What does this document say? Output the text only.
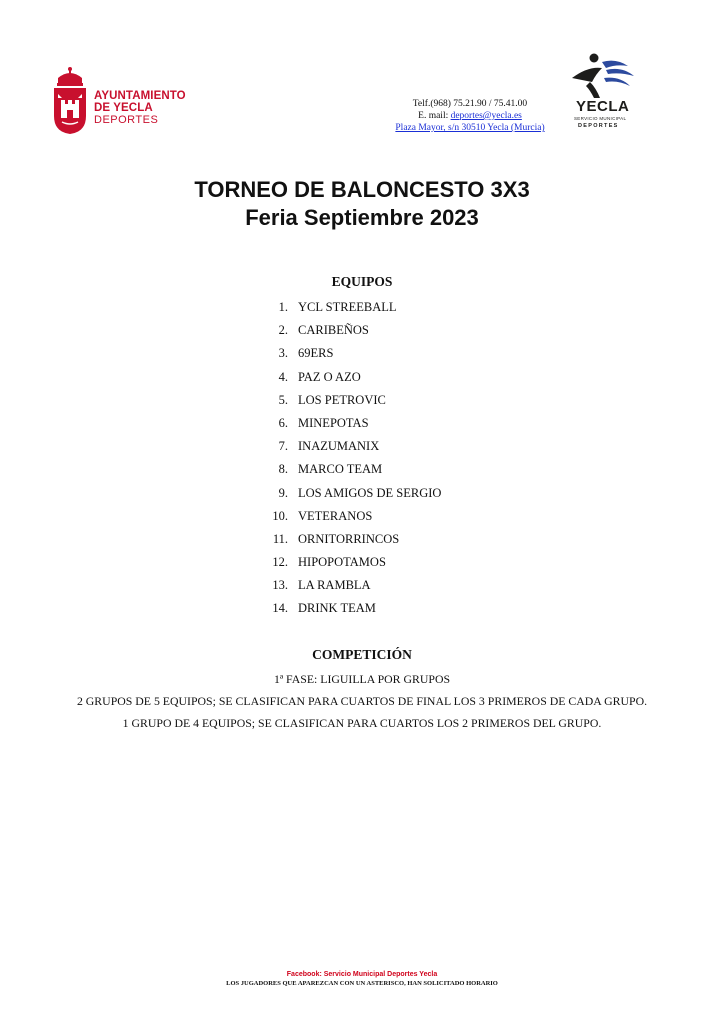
AYUNTAMIENTO
DE YECLA
DEPORTES
Telf.(968) 75.21.90 / 75.41.00
E. mail: deportes@yecla.es
Plaza Mayor, s/n 30510 Yecla (Murcia)
YECLA
SERVICIO MUNICIPAL
DEPORTES
TORNEO DE BALONCESTO 3X3
Feria Septiembre 2023
EQUIPOS
1. YCL STREEBALL
2. CARIBEÑOS
3. 69ERS
4. PAZ O AZO
5. LOS PETROVIC
6. MINEPOTAS
7. INAZUMANIX
8. MARCO TEAM
9. LOS AMIGOS DE SERGIO
10. VETERANOS
11. ORNITORRINCOS
12. HIPOPOTAMOS
13. LA RAMBLA
14. DRINK TEAM
COMPETICIÓN
1ª FASE: LIGUILLA POR GRUPOS
2 GRUPOS DE 5 EQUIPOS; SE CLASIFICAN PARA CUARTOS DE FINAL LOS 3 PRIMEROS DE CADA GRUPO.
1 GRUPO DE 4 EQUIPOS; SE CLASIFICAN PARA CUARTOS LOS 2 PRIMEROS DEL GRUPO.
Facebook: Servicio Municipal Deportes Yecla
LOS JUGADORES QUE APAREZCAN CON UN ASTERISCO, HAN SOLICITADO HORARIO
